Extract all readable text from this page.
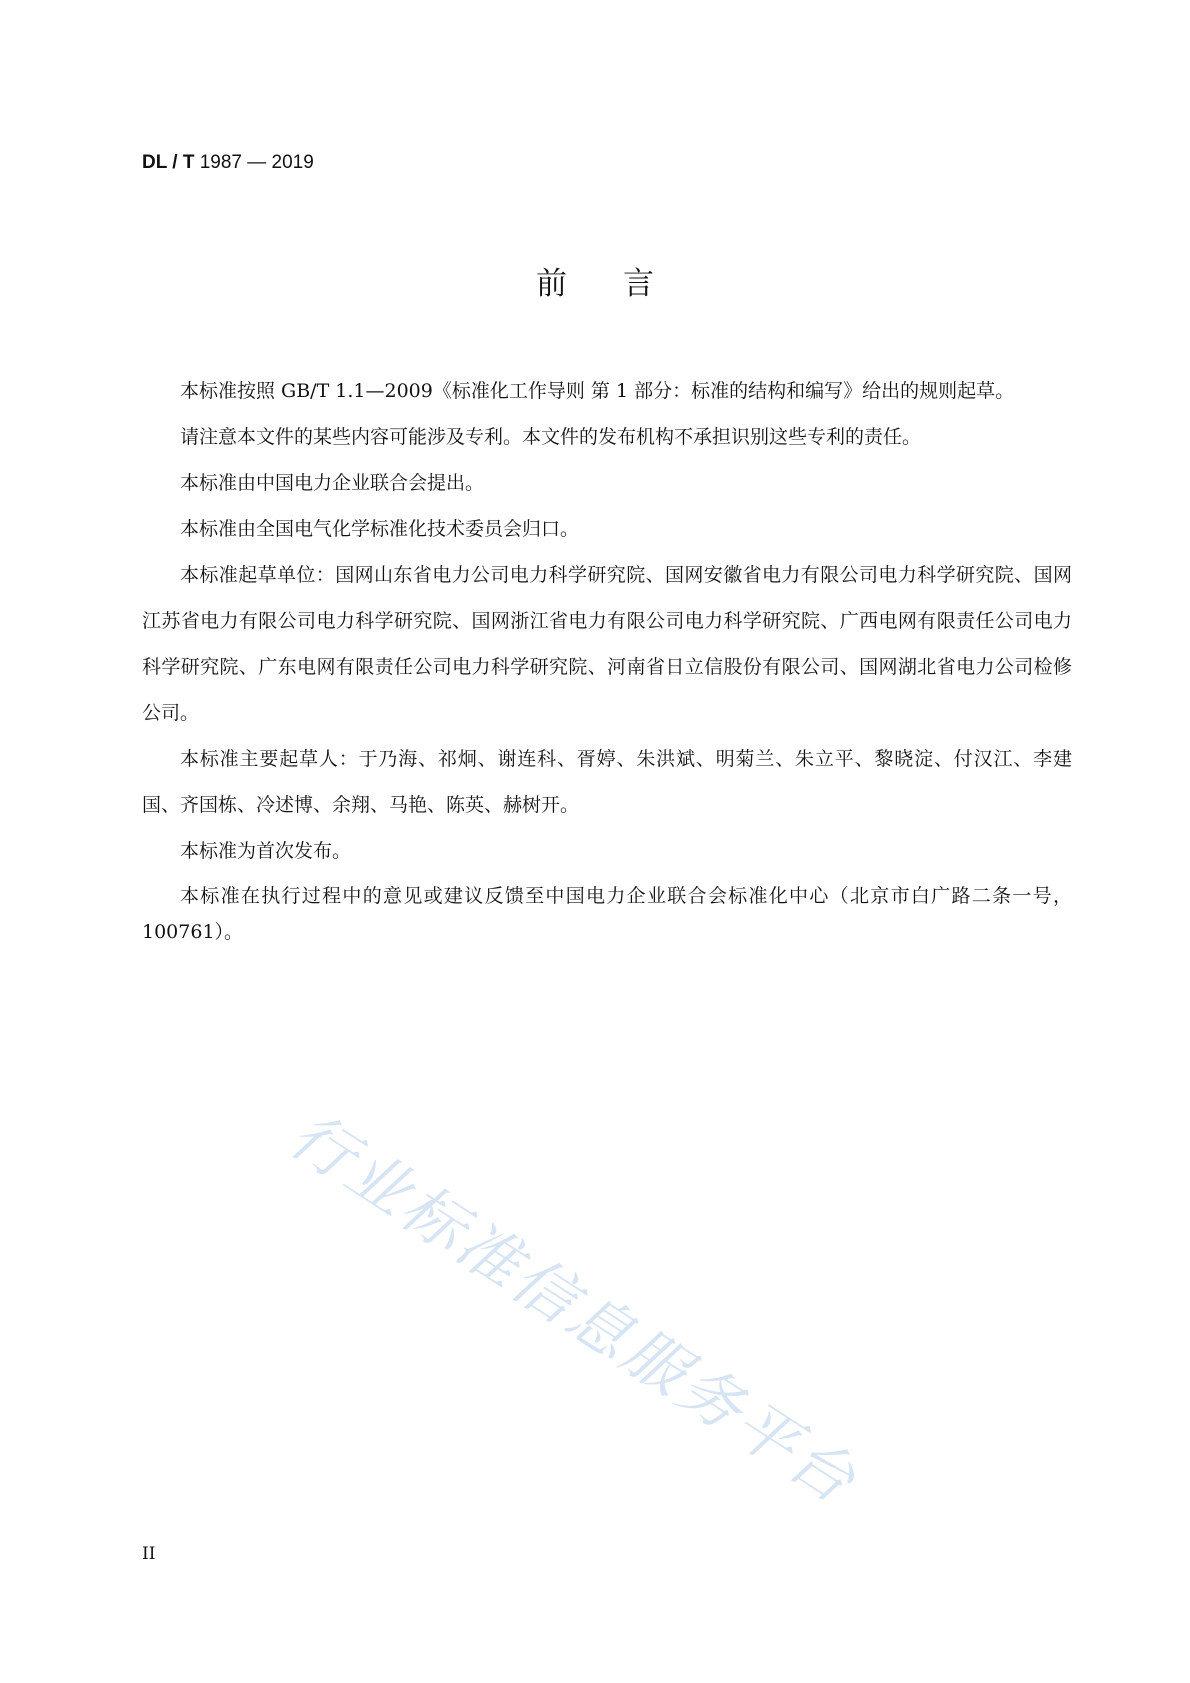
DL / T 1987 — 2019
前言

本标准按照 GB/T 1.1—2009《标准化工作导则 第 1 部分：标准的结构和编写》给出的规则起草。

请注意本文件的某些内容可能涉及专利。本文件的发布机构不承担识别这些专利的责任。

本标准由中国电力企业联合会提出。

本标准由全国电气化学标准化技术委员会归口。

本标准起草单位：国网山东省电力公司电力科学研究院、国网安徽省电力有限公司电力科学研究院、国网江苏省电力有限公司电力科学研究院、国网浙江省电力有限公司电力科学研究院、广西电网有限责任公司电力科学研究院、广东电网有限责任公司电力科学研究院、河南省日立信股份有限公司、国网湖北省电力公司检修公司。

本标准主要起草人：于乃海、祁炯、谢连科、胥婷、朱洪斌、明菊兰、朱立平、黎晓淀、付汉江、李建国、齐国栋、冷述博、余翔、马艳、陈英、赫树开。

本标准为首次发布。

本标准在执行过程中的意见或建议反馈至中国电力企业联合会标准化中心（北京市白广路二条一号，100761）。

行业标准信息服务平台
II
